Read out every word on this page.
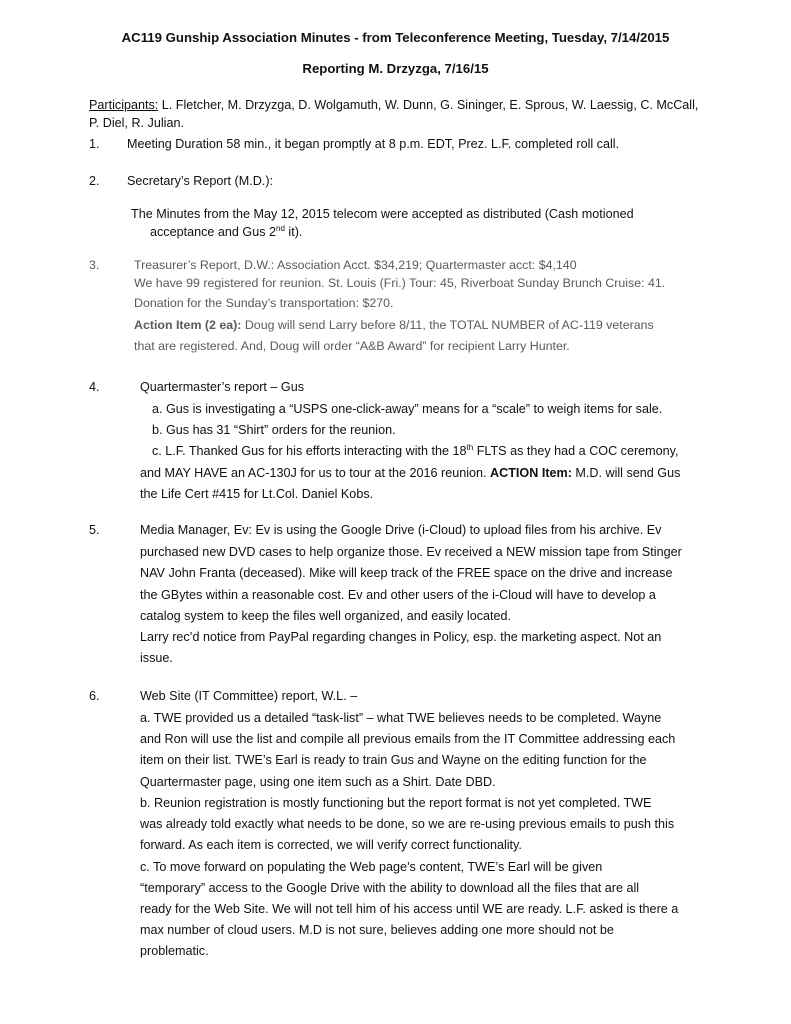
AC119 Gunship Association Minutes - from Teleconference Meeting, Tuesday, 7/14/2015
Reporting M. Drzyzga, 7/16/15
Participants: L. Fletcher, M. Drzyzga, D. Wolgamuth, W. Dunn, G. Sininger, E. Sprous, W. Laessig, C. McCall, P. Diel, R. Julian.
1. Meeting Duration 58 min., it began promptly at 8 p.m. EDT, Prez. L.F. completed roll call.
2. Secretary’s Report (M.D.):
The Minutes from the May 12, 2015 telecom were accepted as distributed (Cash motioned
acceptance and Gus 2nd it).
3.	Treasurer’s Report, D.W.: Association Acct. $34,219; Quartermaster acct: $4,140
We have 99 registered for reunion. St. Louis (Fri.) Tour: 45, Riverboat Sunday Brunch Cruise: 41.
Donation for the Sunday’s transportation: $270.
Action Item (2 ea): Doug will send Larry before 8/11, the TOTAL NUMBER of AC-119 veterans
that are registered. And, Doug will order “A&B Award” for recipient Larry Hunter.
4.	Quartermaster’s report – Gus
a. Gus is investigating a “USPS one-click-away” means for a “scale” to weigh items for sale.
b. Gus has 31 “Shirt” orders for the reunion.
c. L.F. Thanked Gus for his efforts interacting with the 18th FLTS as they had a COC ceremony,
and MAY HAVE an AC-130J for us to tour at the 2016 reunion. ACTION Item: M.D. will send Gus
the Life Cert #415 for Lt.Col. Daniel Kobs.
5.	Media Manager, Ev: Ev is using the Google Drive (i-Cloud) to upload files from his archive. Ev
purchased new DVD cases to help organize those. Ev received a NEW mission tape from Stinger
NAV John Franta (deceased). Mike will keep track of the FREE space on the drive and increase
the GBytes within a reasonable cost. Ev and other users of the i-Cloud will have to develop a
catalog system to keep the files well organized, and easily located.
Larry rec’d notice from PayPal regarding changes in Policy, esp. the marketing aspect. Not an
issue.
6.	Web Site (IT Committee) report, W.L. –
a. TWE provided us a detailed “task-list” – what TWE believes needs to be completed. Wayne
and Ron will use the list and compile all previous emails from the IT Committee addressing each
item on their list. TWE’s Earl is ready to train Gus and Wayne on the editing function for the
Quartermaster page, using one item such as a Shirt. Date DBD.
b. Reunion registration is mostly functioning but the report format is not yet completed. TWE
was already told exactly what needs to be done, so we are re-using previous emails to push this
forward. As each item is corrected, we will verify correct functionality.
c. To move forward on populating the Web page’s content, TWE’s Earl will be given
“temporary” access to the Google Drive with the ability to download all the files that are all
ready for the Web Site. We will not tell him of his access until WE are ready. L.F. asked is there a
max number of cloud users. M.D is not sure, believes adding one more should not be
problematic.
